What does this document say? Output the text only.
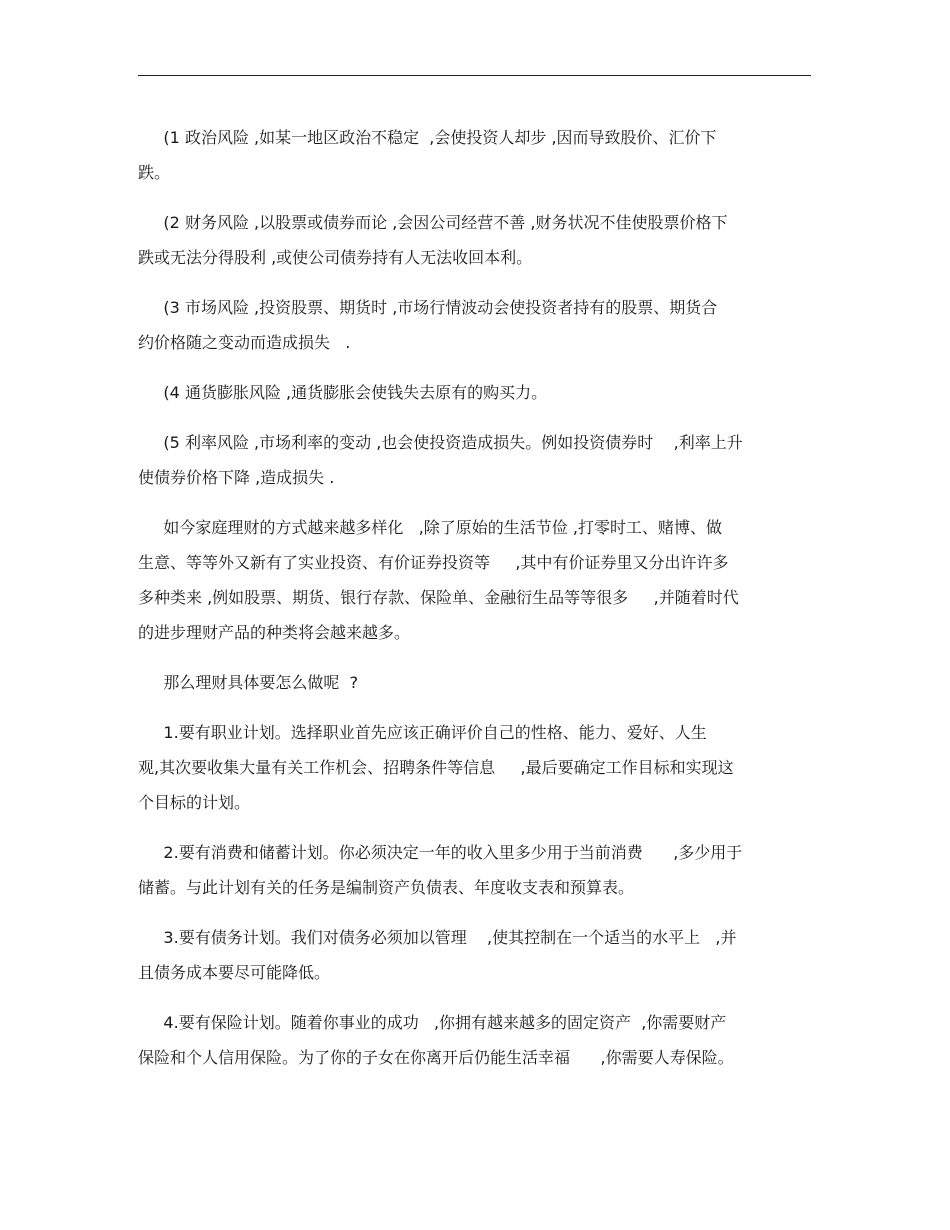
(1 政治风险 ,如某一地区政治不稳定  ,会使投资人却步 ,因而导致股价、汇价下
跌。

(2 财务风险 ,以股票或债券而论 ,会因公司经营不善 ,财务状况不佳使股票价格下
跌或无法分得股利 ,或使公司债券持有人无法收回本利。

(3 市场风险 ,投资股票、期货时 ,市场行情波动会使投资者持有的股票、期货合
约价格随之变动而造成损失   .

(4 通货膨胀风险 ,通货膨胀会使钱失去原有的购买力。

(5 利率风险 ,市场利率的变动 ,也会使投资造成损失。例如投资债券时    ,利率上升
使债券价格下降 ,造成损失 .

如今家庭理财的方式越来越多样化   ,除了原始的生活节俭 ,打零时工、赌博、做
生意、等等外又新有了实业投资、有价证券投资等     ,其中有价证券里又分出许许多
多种类来 ,例如股票、期货、银行存款、保险单、金融衍生品等等很多     ,并随着时代
的进步理财产品的种类将会越来越多。

那么理财具体要怎么做呢  ?

1.要有职业计划。选择职业首先应该正确评价自己的性格、能力、爱好、人生
观,其次要收集大量有关工作机会、招聘条件等信息     ,最后要确定工作目标和实现这
个目标的计划。

2.要有消费和储蓄计划。你必须决定一年的收入里多少用于当前消费      ,多少用于
储蓄。与此计划有关的任务是编制资产负债表、年度收支表和预算表。

3.要有债务计划。我们对债务必须加以管理    ,使其控制在一个适当的水平上   ,并
且债务成本要尽可能降低。

4.要有保险计划。随着你事业的成功   ,你拥有越来越多的固定资产  ,你需要财产
保险和个人信用保险。为了你的子女在你离开后仍能生活幸福      ,你需要人寿保险。
